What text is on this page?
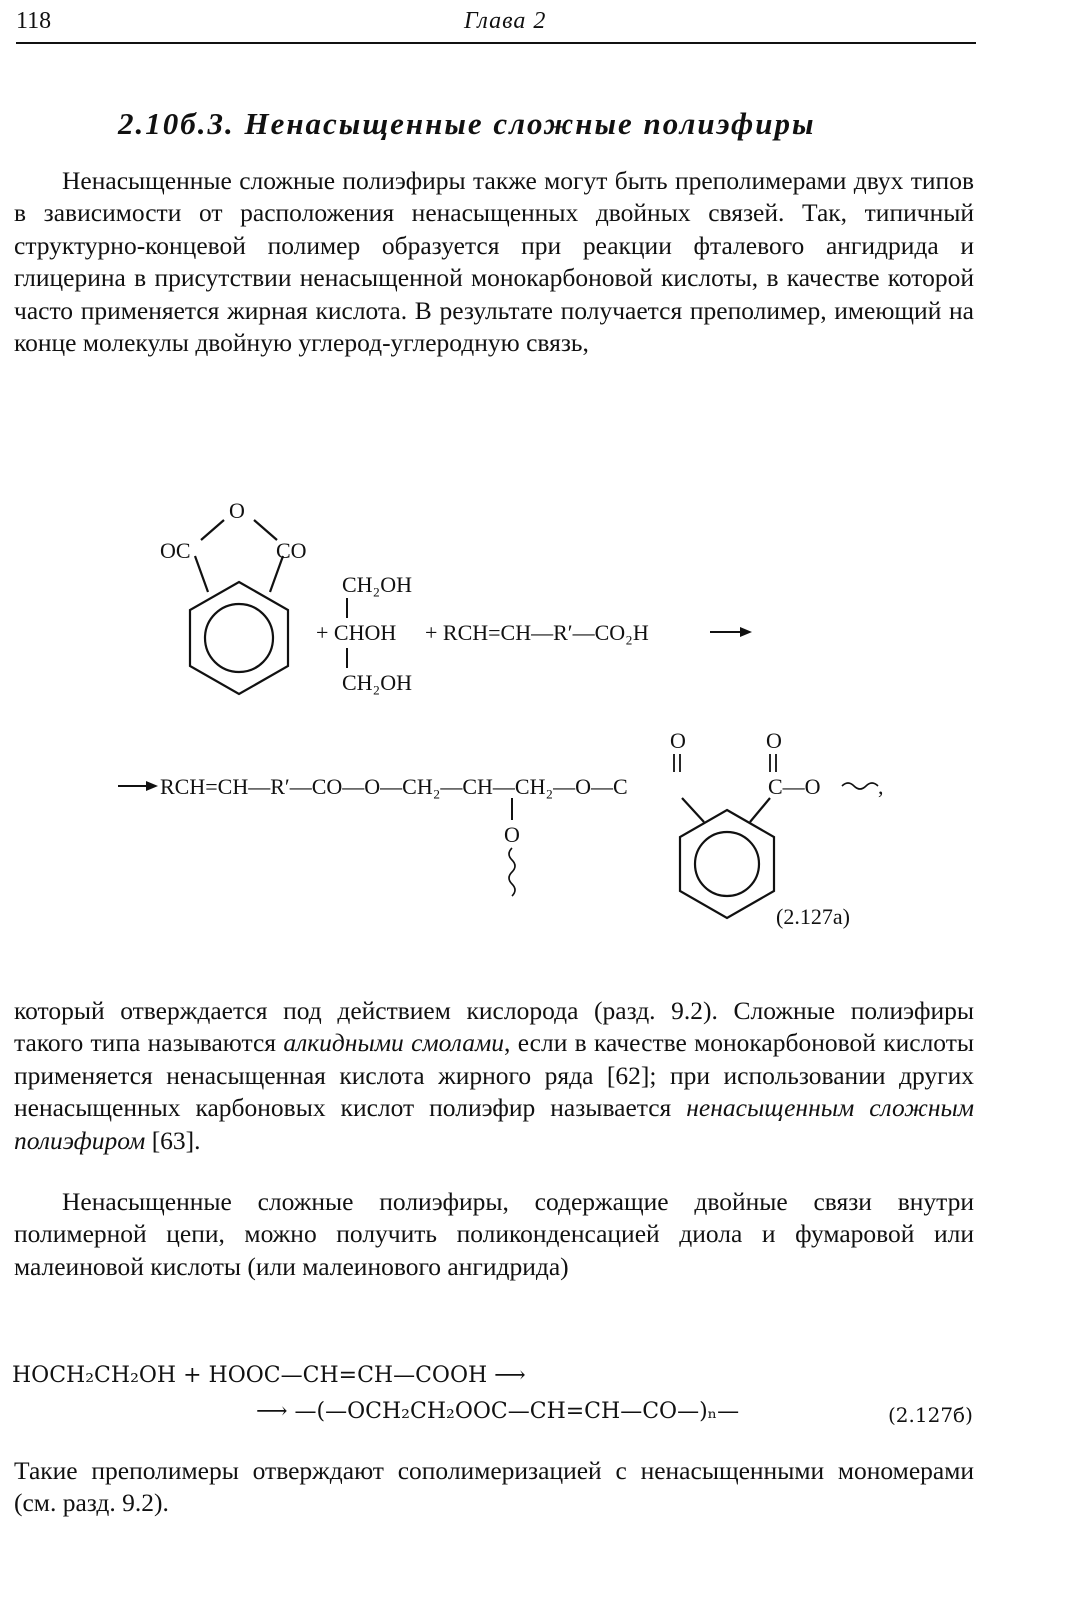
118	Глава 2
2.10б.3. Ненасыщенные сложные полиэфиры

Ненасыщенные сложные полиэфиры также могут быть преполимерами двух типов в зависимости от расположения ненасыщенных двойных связей. Так, типичный структурно-концевой полимер образуется при реакции фталевого ангидрида и глицерина в присутствии ненасыщенной монокарбоновой кислоты, в качестве которой часто применяется жирная кислота. В результате получается преполимер, имеющий на конце молекулы двойную углерод-углеродную связь,

O
OC	CO
CH₂OH
+ CHOH
CH₂OH
+ RCH=CH—R′—CO₂H
RCH=CH—R′—CO—O—CH₂—CH—CH₂—O—C	C—O	,
O	O
O
(2.127а)

который отверждается под действием кислорода (разд. 9.2). Сложные полиэфиры такого типа называются алкидными смолами, если в качестве монокарбоновой кислоты применяется ненасыщенная кислота жирного ряда [62]; при использовании других ненасыщенных карбоновых кислот полиэфир называется ненасыщенным сложным полиэфиром [63].

Ненасыщенные сложные полиэфиры, содержащие двойные связи внутри полимерной цепи, можно получить поликонденсацией диола и фумаровой или малеиновой кислоты (или малеинового ангидрида)

HOCH₂CH₂OH + HOOC—CH=CH—COOH ⟶
⟶ —(—OCH₂CH₂OOC—CH=CH—CO—)ₙ—	(2.127б)

Такие преполимеры отверждают сополимеризацией с ненасыщенными мономерами (см. разд. 9.2).
